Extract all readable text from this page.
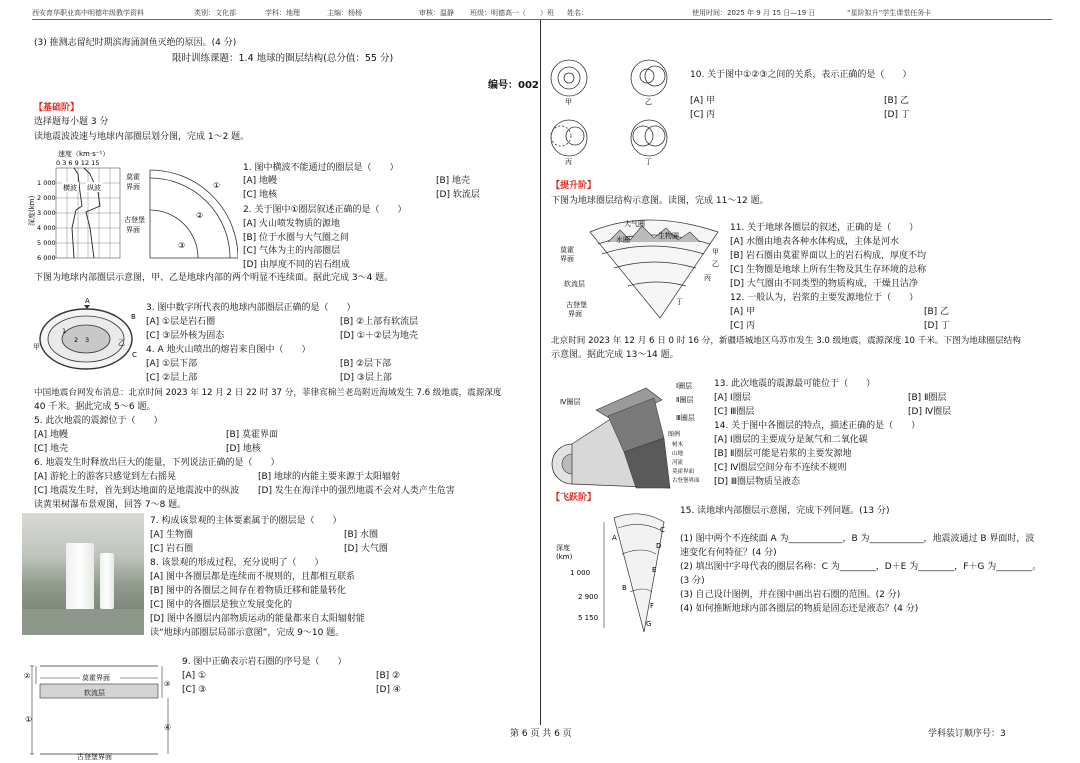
西安育华职业高中明德年级教学资料	类别：文化部	学科：地理	主编：杨杨	审核：温静 班级：明德高一（　　）班 姓名：	使用时间：2025 年 9 月 15 日—19 日	“星阶拟升”学生课堂任务卡
(3) 推测志留纪时期滨海涌洞鱼灭绝的原因。(4 分)
限时训练课题：1.4 地球的圈层结构(总分值：55 分)
编号：002
【基础阶】
选择题每小题 3 分
读地震波波速与地球内部圈层划分图，完成 1～2 题。
速度（km·s⁻¹）
0 3 6 9 12 15
深度(km)
1 000
2 000
3 000
4 000
5 000
6 000
横波 纵波
莫霍
界面
古登堡
界面
①
②
③
1. 图中横波不能通过的圈层是（　　）
[A] 地幔	[B] 地壳
[C] 地核	[D] 软流层
2. 关于图中①圈层叙述正确的是（　　）
[A] 火山喷发物质的源地
[B] 位于水圈与大气圈之间
[C] 气体为主的内部圈层
[D] 由厚度不同的岩石组成
下图为地球内部圈层示意图，甲、乙是地球内部的两个明显不连续面。据此完成 3～4 题。
A
B
C
甲	乙
1
2 3
3. 图中数字所代表的地球内部圈层正确的是（　　）
[A] ①层是岩石圈	[B] ②上部有软流层
[C] ③层外核为固态	[D] ①＋②层为地壳
4. A 地火山喷出的熔岩来自图中（　　）
[A] ①层下部	[B] ②层下部
[C] ②层上部	[D] ③层上部
中国地震台网发布消息：北京时间 2023 年 12 月 2 日 22 时 37 分，菲律宾棉兰老岛附近海域发生 7.6 级地震，震源深度
40 千米。据此完成 5～6 题。
5. 此次地震的震源位于（　　）
[A] 地幔	[B] 莫霍界面
[C] 地壳	[D] 地核
6. 地震发生时释放出巨大的能量，下列说法正确的是（　　）
[A] 游轮上的游客只感觉到左右摇晃	[B] 地球的内能主要来源于太阳辐射
[C] 地震发生时，首先到达地面的是地震波中的纵波 [D] 发生在海洋中的强烈地震不会对人类产生危害
读黄果树瀑布景观图，回答 7～8 题。
7. 构成该景观的主体要素属于的圈层是（　　）
[A] 生物圈	[B] 水圈
[C] 岩石圈	[D] 大气圈
8. 该景观的形成过程，充分说明了（　　）
[A] 图中各圈层都是连续而不规则的，且都相互联系
[B] 图中的各圈层之间存在着物质迁移和能量转化
[C] 图中的各圈层是独立发展变化的
[D] 图中各圈层内部物质运动的能量都来自太阳辐射能
读“地球内部圈层局部示意图”，完成 9～10 题。
莫霍界面
软流层
古登堡界面
①
②
③
④
9. 图中正确表示岩石圈的序号是（　　）
[A] ①	[B] ②
[C] ③	[D] ④
甲	乙
丙	丁
10. 关于图中①②③之间的关系，表示正确的是（　　）
[A] 甲	[B] 乙
[C] 丙	[D] 丁
【提升阶】
下图为地球圈层结构示意图。读图，完成 11～12 题。
大气圈
水圈	生物圈
莫霍
界面
软流层
古登堡
界面
甲
乙
丙
丁
11. 关于地球各圈层的叙述，正确的是（　　）
[A] 水圈由地表各种水体构成，主体是河水
[B] 岩石圈由莫霍界面以上的岩石构成，厚度不均
[C] 生物圈是地球上所有生物及其生存环境的总称
[D] 大气圈由不同类型的物质构成，干燥且洁净
12. 一般认为，岩浆的主要发源地位于（　　）
[A] 甲	[B] 乙
[C] 丙	[D] 丁
北京时间 2023 年 12 月 6 日 0 时 16 分，新疆塔城地区乌苏市发生 3.0 级地震，震源深度 10 千米。下图为地球圈层结构
示意图。据此完成 13～14 题。
Ⅳ圈层
Ⅰ圈层
Ⅱ圈层
Ⅲ圈层
图例
树木
山地
河流
莫霍界面
古登堡界面
13. 此次地震的震源最可能位于（　　）
[A] Ⅰ圈层	[B] Ⅱ圈层
[C] Ⅲ圈层	[D] Ⅳ圈层
14. 关于图中各圈层的特点，描述正确的是（　　）
[A] Ⅰ圈层的主要成分是氮气和二氧化碳
[B] Ⅱ圈层可能是岩浆的主要发源地
[C] Ⅳ圈层空间分布不连续不规则
[D] Ⅲ圈层物质呈液态
【飞跃阶】
深度
(km)
1 000
2 900
5 150
A
B
C
D
E
F
G
15. 读地球内部圈层示意图，完成下列问题。(13 分)
(1) 图中两个不连续面 A 为____________，B 为____________，地震波通过 B 界面时，波
速变化有何特征？(4 分)
(2) 填出图中字母代表的圈层名称：C 为________，D＋E 为________，F＋G 为________。
(3 分)
(3) 自己设计图例，并在图中画出岩石圈的范围。(2 分)
(4) 如何推断地球内部各圈层的物质是固态还是液态？(4 分)
第 6 页 共 6 页	学科装订顺序号：3
